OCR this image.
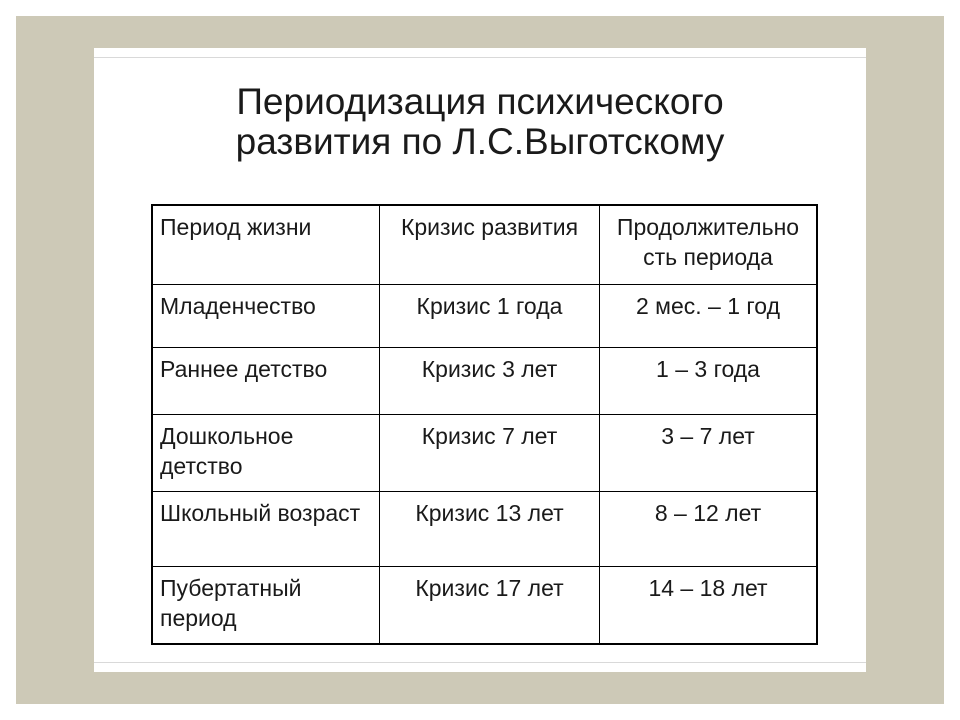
Периодизация психического
развития по Л.С.Выготскому
Период жизни	Кризис развития	Продолжительно сть периода
Младенчество	Кризис 1 года	2 мес. – 1 год
Раннее детство	Кризис 3 лет	1 – 3 года
Дошкольное детство	Кризис 7 лет	3 – 7 лет
Школьный возраст	Кризис 13 лет	8 – 12 лет
Пубертатный период	Кризис 17 лет	14 – 18 лет
